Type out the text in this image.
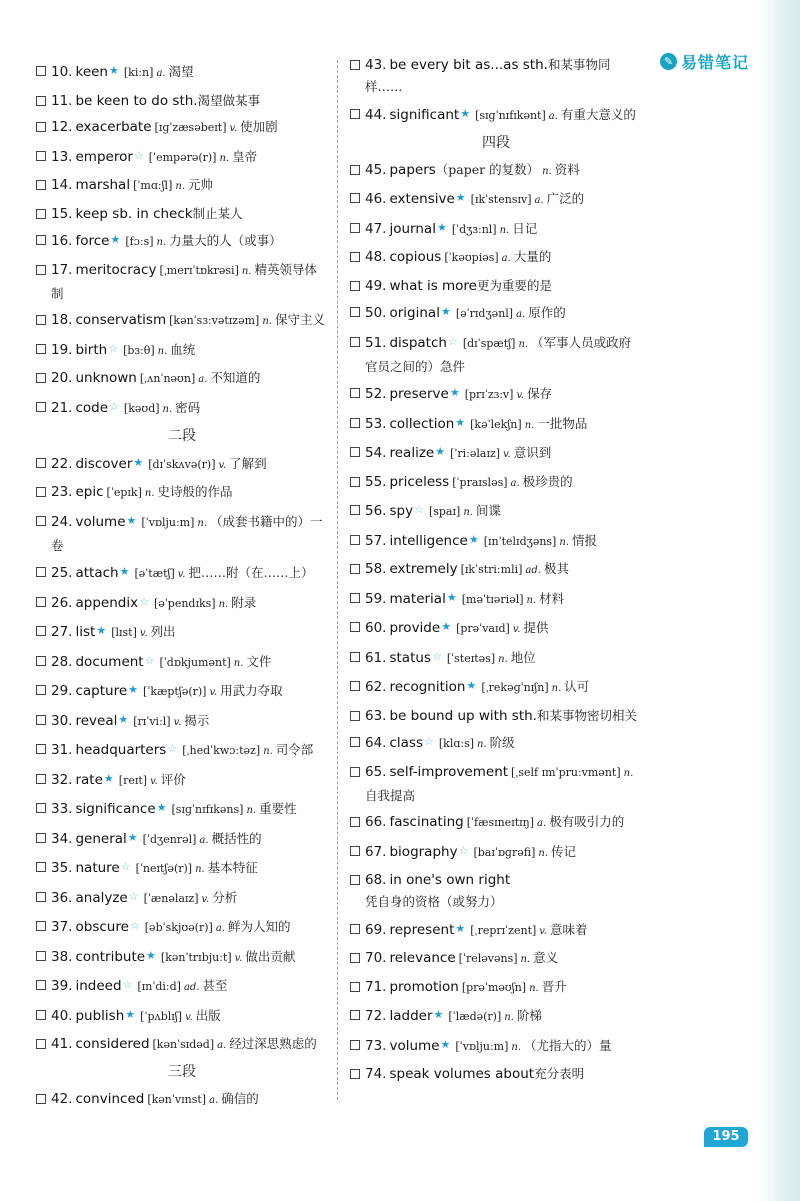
✎ 易错笔记
10. keen★ [kiːn] a. 渴望
11. be keen to do sth.渴望做某事
12. exacerbate [ɪɡˈzæsəbeɪt] v. 使加剧
13. emperor☆ [ˈempərə(r)] n. 皇帝
14. marshal [ˈmɑːʃl] n. 元帅
15. keep sb. in check制止某人
16. force★ [fɔːs] n. 力量大的人（或事）
17. meritocracy [ˌmerɪˈtɒkrəsi] n. 精英领导体制
18. conservatism [kənˈsɜːvətɪzəm] n. 保守主义
19. birth☆ [bɜːθ] n. 血统
20. unknown [ˌʌnˈnəʊn] a. 不知道的
21. code☆ [kəʊd] n. 密码
二段
22. discover★ [dɪˈskʌvə(r)] v. 了解到
23. epic [ˈepɪk] n. 史诗般的作品
24. volume★ [ˈvɒljuːm] n. （成套书籍中的）一卷
25. attach★ [əˈtætʃ] v. 把……附（在……上）
26. appendix☆ [əˈpendɪks] n. 附录
27. list★ [lɪst] v. 列出
28. document☆ [ˈdɒkjumənt] n. 文件
29. capture★ [ˈkæptʃə(r)] v. 用武力夺取
30. reveal★ [rɪˈviːl] v. 揭示
31. headquarters☆ [ˌhedˈkwɔːtəz] n. 司令部
32. rate★ [reɪt] v. 评价
33. significance★ [sɪɡˈnɪfɪkəns] n. 重要性
34. general★ [ˈdʒenrəl] a. 概括性的
35. nature☆ [ˈneɪtʃə(r)] n. 基本特征
36. analyze☆ [ˈænəlaɪz] v. 分析
37. obscure☆ [əbˈskjʊə(r)] a. 鲜为人知的
38. contribute★ [kənˈtrɪbjuːt] v. 做出贡献
39. indeed☆ [ɪnˈdiːd] ad. 甚至
40. publish★ [ˈpʌblɪʃ] v. 出版
41. considered [kənˈsɪdəd] a. 经过深思熟虑的
三段
42. convinced [kənˈvɪnst] a. 确信的
43. be every bit as...as sth.和某事物同样……
44. significant★ [sɪɡˈnɪfɪkənt] a. 有重大意义的
四段
45. papers（paper 的复数） n. 资料
46. extensive★ [ɪkˈstensɪv] a. 广泛的
47. journal★ [ˈdʒɜːnl] n. 日记
48. copious [ˈkəʊpiəs] a. 大量的
49. what is more更为重要的是
50. original★ [əˈrɪdʒənl] a. 原作的
51. dispatch☆ [dɪˈspætʃ] n. （军事人员或政府官员之间的）急件
52. preserve★ [prɪˈzɜːv] v. 保存
53. collection★ [kəˈlekʃn] n. 一批物品
54. realize★ [ˈriːəlaɪz] v. 意识到
55. priceless [ˈpraɪsləs] a. 极珍贵的
56. spy☆ [spaɪ] n. 间谍
57. intelligence★ [ɪnˈtelɪdʒəns] n. 情报
58. extremely [ɪkˈstriːmli] ad. 极其
59. material★ [məˈtɪəriəl] n. 材料
60. provide★ [prəˈvaɪd] v. 提供
61. status☆ [ˈsteɪtəs] n. 地位
62. recognition★ [ˌrekəɡˈnɪʃn] n. 认可
63. be bound up with sth.和某事物密切相关
64. class☆ [klɑːs] n. 阶级
65. self-improvement [ˌself ɪmˈpruːvmənt] n.自我提高
66. fascinating [ˈfæsɪneɪtɪŋ] a. 极有吸引力的
67. biography☆ [baɪˈɒɡrəfi] n. 传记
68. in one's own right凭自身的资格（或努力）
69. represent★ [ˌreprɪˈzent] v. 意味着
70. relevance [ˈreləvəns] n. 意义
71. promotion [prəˈməʊʃn] n. 晋升
72. ladder★ [ˈlædə(r)] n. 阶梯
73. volume★ [ˈvɒljuːm] n. （尤指大的）量
74. speak volumes about充分表明
195
